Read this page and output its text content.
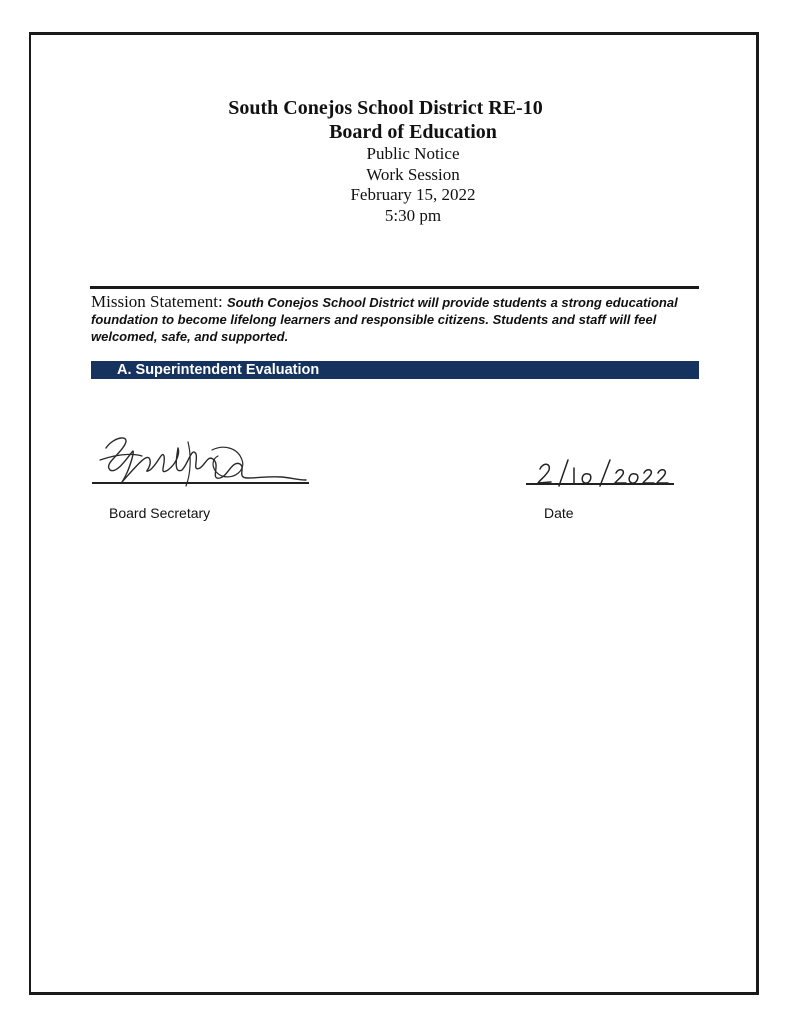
South Conejos School District RE-10
Board of Education
Public Notice
Work Session
February 15, 2022
5:30 pm
Mission Statement: South Conejos School District will provide students a strong educational foundation to become lifelong learners and responsible citizens. Students and staff will feel welcomed, safe, and supported.
A. Superintendent Evaluation
Board Secretary	Date
